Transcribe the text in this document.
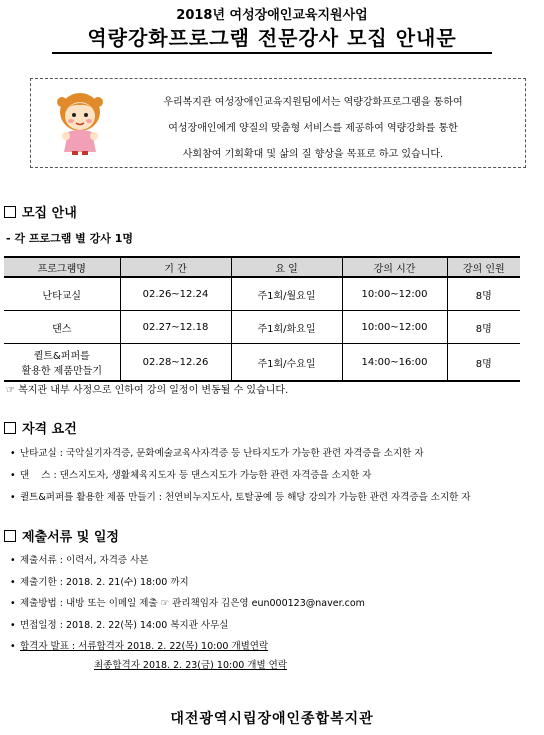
2018년 여성장애인교육지원사업
역량강화프로그램 전문강사 모집 안내문
우리복지관 여성장애인교육지원팀에서는 역량강화프로그램을 통하여
여성장애인에게 양질의 맞춤형 서비스를 제공하여 역량강화를 통한
사회참여 기회확대 및 삶의 질 향상을 목표로 하고 있습니다.
모집 안내
- 각 프로그램 별 강사 1명
프로그램명	기 간	요 일	강의 시간	강의 인원
난타교실	02.26~12.24	주1회/월요일	10:00~12:00	8명
댄스	02.27~12.18	주1회/화요일	10:00~12:00	8명

퀼트&퍼퍼를
활용한 제품만들기	02.28~12.26	주1회/수요일	14:00~16:00	8명
☞ 복지관 내부 사정으로 인하여 강의 일정이 변동될 수 있습니다.
자격 요건
• 난타교실 : 국악실기자격증, 문화예술교육사자격증 등 난타지도가 가능한 관련 자격증을 소지한 자
• 댄    스 : 댄스지도자, 생활체육지도자 등 댄스지도가 가능한 관련 자격증을 소지한 자
• 퀼트&퍼퍼를 활용한 제품 만들기 : 천연비누지도사, 토탈공예 등 해당 강의가 가능한 관련 자격증을 소지한 자
제출서류 및 일정
• 제출서류 : 이력서, 자격증 사본
• 제출기한 : 2018. 2. 21(수) 18:00 까지
• 제출방법 : 내방 또는 이메일 제출 ☞ 관리책임자 김은영 eun000123@naver.com
• 면접일정 : 2018. 2. 22(목) 14:00 복지관 사무실
• 합격자 발표 : 서류합격자 2018. 2. 22(목) 10:00 개별연락
최종합격자 2018. 2. 23(금) 10:00 개별 연락
대전광역시립장애인종합복지관
